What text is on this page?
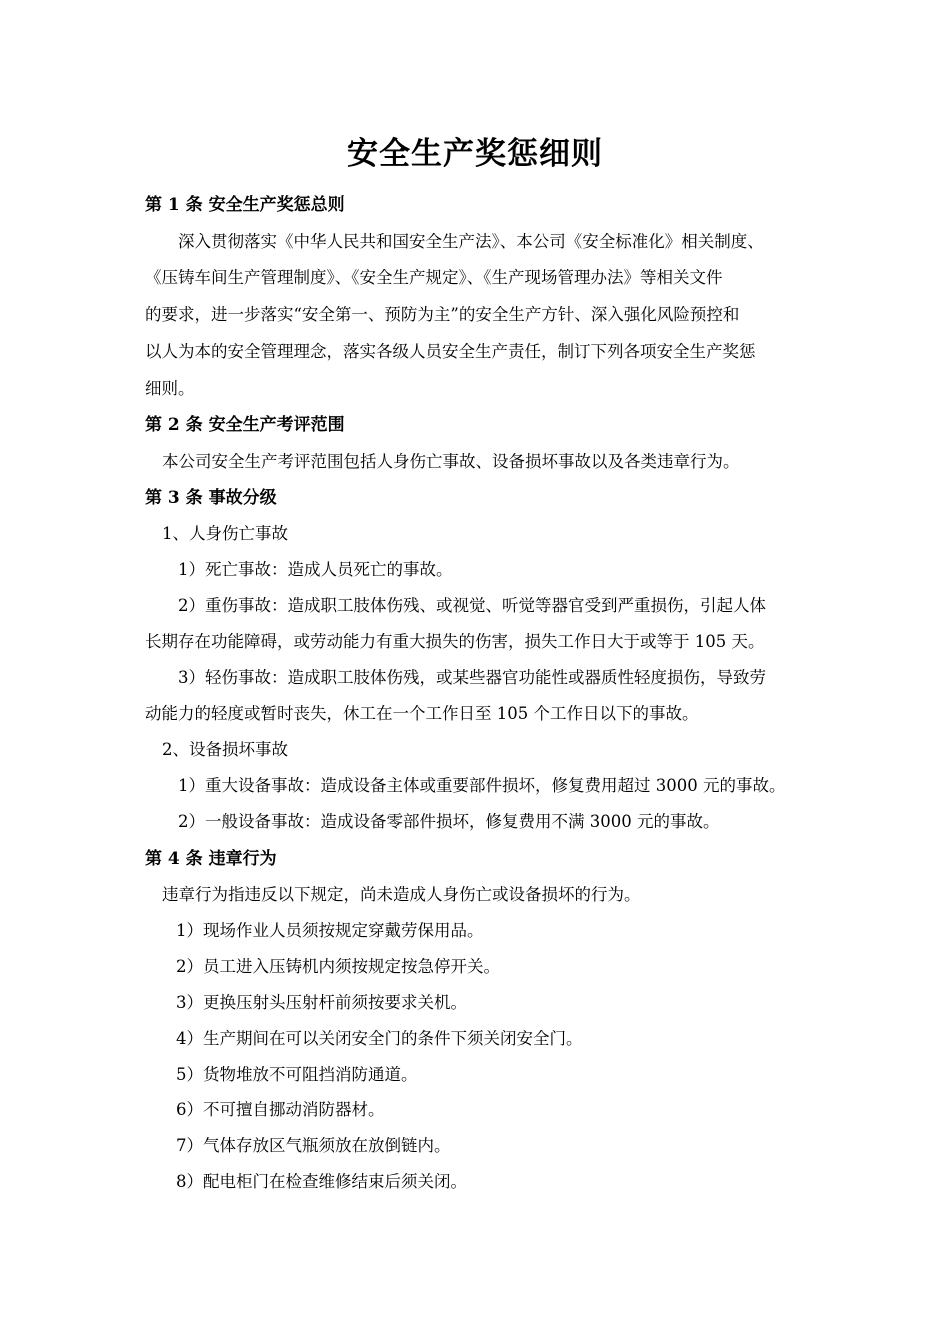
安全生产奖惩细则
第 1 条 安全生产奖惩总则
深入贯彻落实《中华人民共和国安全生产法》、本公司《安全标准化》相关制度、
《压铸车间生产管理制度》、《安全生产规定》、《生产现场管理办法》等相关文件
的要求，进一步落实“安全第一、预防为主”的安全生产方针、深入强化风险预控和
以人为本的安全管理理念，落实各级人员安全生产责任，制订下列各项安全生产奖惩
细则。
第 2 条 安全生产考评范围
本公司安全生产考评范围包括人身伤亡事故、设备损坏事故以及各类违章行为。
第 3 条 事故分级
1、人身伤亡事故
1）死亡事故：造成人员死亡的事故。
2）重伤事故：造成职工肢体伤残、或视觉、听觉等器官受到严重损伤，引起人体
长期存在功能障碍，或劳动能力有重大损失的伤害，损失工作日大于或等于 105 天。
3）轻伤事故：造成职工肢体伤残，或某些器官功能性或器质性轻度损伤，导致劳
动能力的轻度或暂时丧失，休工在一个工作日至 105 个工作日以下的事故。
2、设备损坏事故
1）重大设备事故：造成设备主体或重要部件损坏，修复费用超过 3000 元的事故。
2）一般设备事故：造成设备零部件损坏，修复费用不满 3000 元的事故。
第 4 条 违章行为
违章行为指违反以下规定，尚未造成人身伤亡或设备损坏的行为。
1）现场作业人员须按规定穿戴劳保用品。
2）员工进入压铸机内须按规定按急停开关。
3）更换压射头压射杆前须按要求关机。
4）生产期间在可以关闭安全门的条件下须关闭安全门。
5）货物堆放不可阻挡消防通道。
6）不可擅自挪动消防器材。
7）气体存放区气瓶须放在放倒链内。
8）配电柜门在检查维修结束后须关闭。
